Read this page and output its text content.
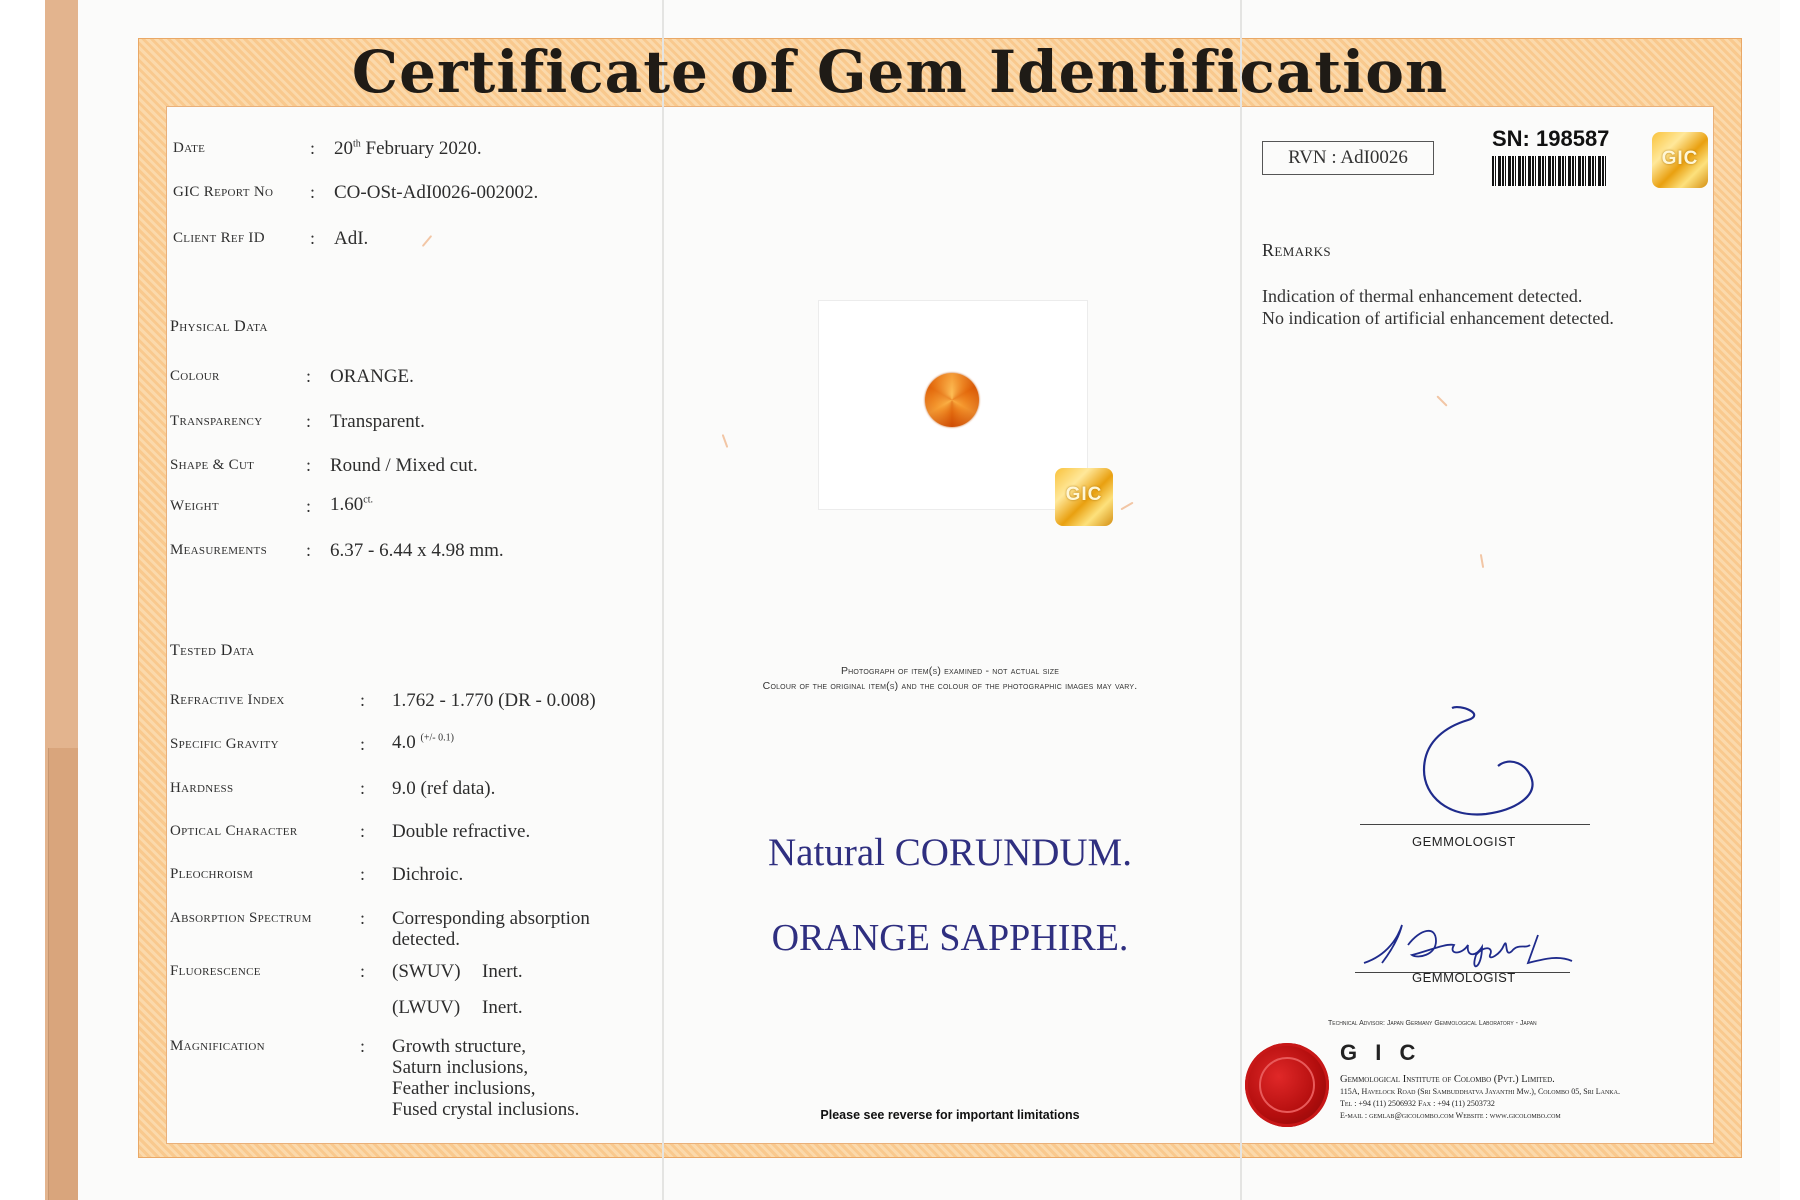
Certificate of Gem Identification
Date	: 20th February 2020.
GIC Report No : CO-OSt-AdI0026-002002.
Client Ref ID	: AdI.
Physical Data
Colour	: ORANGE.
Transparency : Transparent.
Shape & Cut	: Round / Mixed cut.
Weight	: $1.60^{ct.}$
Measurements : 6.37 - 6.44 x 4.98 mm.
Tested Data
Refractive Index	: 1.762 - 1.770 (DR - 0.008)
Specific Gravity	: 4.0 $^{(+/- 0.1)}$
Hardness	: 9.0 (ref data).
Optical Character	: Double refractive.
Pleochroism	: Dichroic.
Absorption Spectrum	: Corresponding absorption detected.
Fluorescence	: (SWUV) Inert.
(LWUV) Inert.
Magnification	: Growth structure,
Saturn inclusions,
Feather inclusions,
Fused crystal inclusions.
GIC
Photograph of item(s) examined - not actual size
Colour of the original item(s) and the colour of the photographic images may vary.
Natural CORUNDUM.
ORANGE SAPPHIRE.
Please see reverse for important limitations
RVN : AdI0026
SN: 198587
GIC
Remarks
Indication of thermal enhancement detected.
No indication of artificial enhancement detected.
GEMMOLOGIST
GEMMOLOGIST
Technical Advisor: Japan Germany Gemmological Laboratory - Japan
G I C
Gemmological Institute of Colombo (Pvt.) Limited.
115A, Havelock Road (Sri Sambuddhatva Jayanthi Mw.), Colombo 05, Sri Lanka.
Tel : +94 (11) 2506932 Fax : +94 (11) 2503732
E-mail : gemlab@gicolombo.com Website : www.gicolombo.com
